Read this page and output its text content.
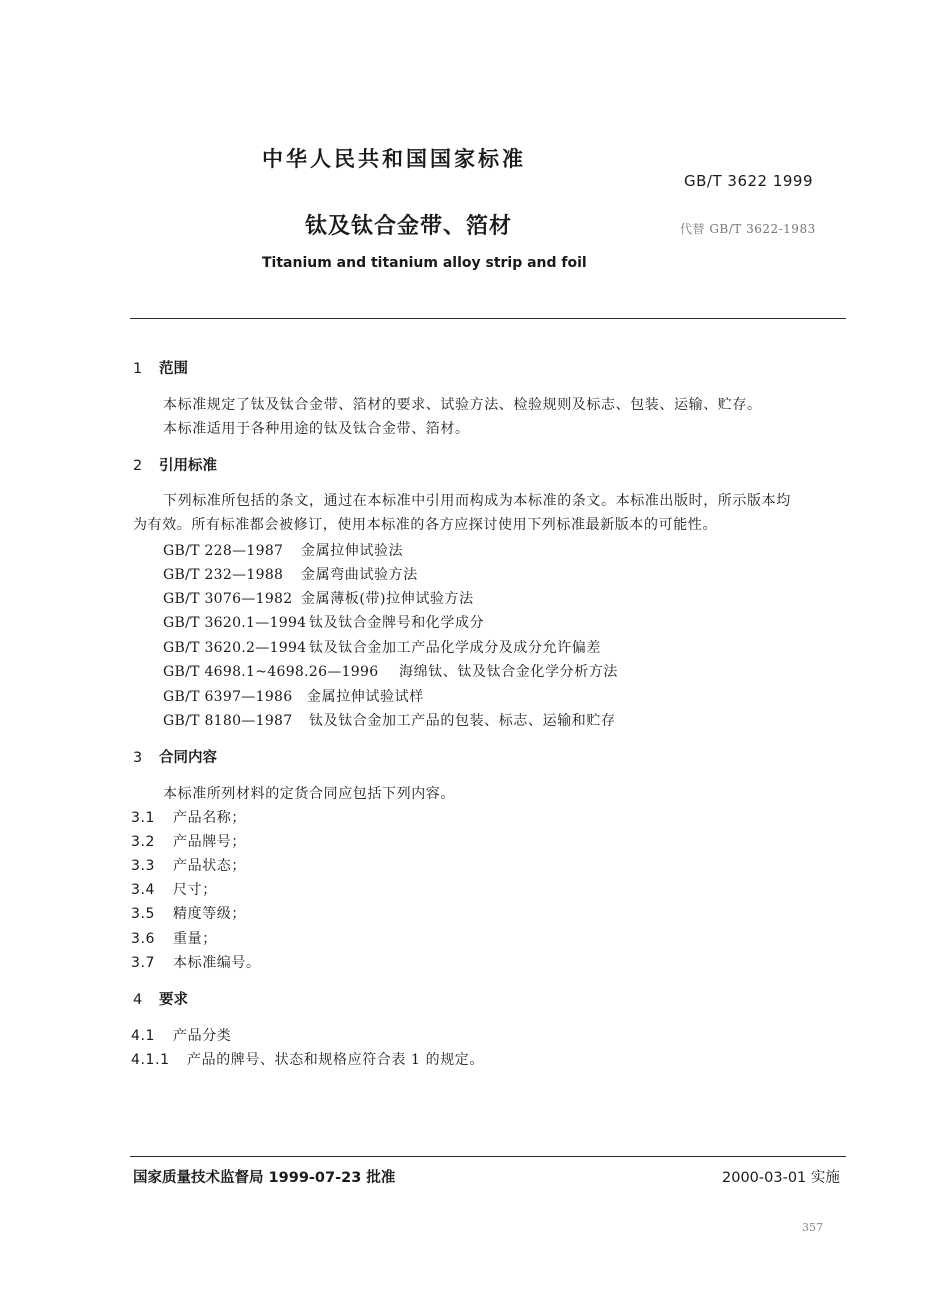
中华人民共和国国家标准
GB/T 3622 1999
钛及钛合金带、箔材	代替 GB/T 3622-1983
Titanium and titanium alloy strip and foil
1 范围
本标准规定了钛及钛合金带、箔材的要求、试验方法、检验规则及标志、包装、运输、贮存。
本标准适用于各种用途的钛及钛合金带、箔材。
2 引用标准
下列标准所包括的条文，通过在本标准中引用而构成为本标准的条文。本标准出版时，所示版本均
为有效。所有标准都会被修订，使用本标准的各方应探讨使用下列标准最新版本的可能性。
GB/T 228—1987 金属拉伸试验法
GB/T 232—1988 金属弯曲试验方法
GB/T 3076—1982 金属薄板(带)拉伸试验方法
GB/T 3620.1—1994 钛及钛合金牌号和化学成分
GB/T 3620.2—1994 钛及钛合金加工产品化学成分及成分允许偏差
GB/T 4698.1~4698.26—1996 海绵钛、钛及钛合金化学分析方法
GB/T 6397—1986 金属拉伸试验试样
GB/T 8180—1987 钛及钛合金加工产品的包装、标志、运输和贮存
3 合同内容
本标准所列材料的定货合同应包括下列内容。
3.1 产品名称；
3.2 产品牌号；
3.3 产品状态；
3.4 尺寸；
3.5 精度等级；
3.6 重量；
3.7 本标准编号。
4 要求
4.1 产品分类
4.1.1 产品的牌号、状态和规格应符合表 1 的规定。
国家质量技术监督局 1999-07-23 批准	2000-03-01 实施
357
